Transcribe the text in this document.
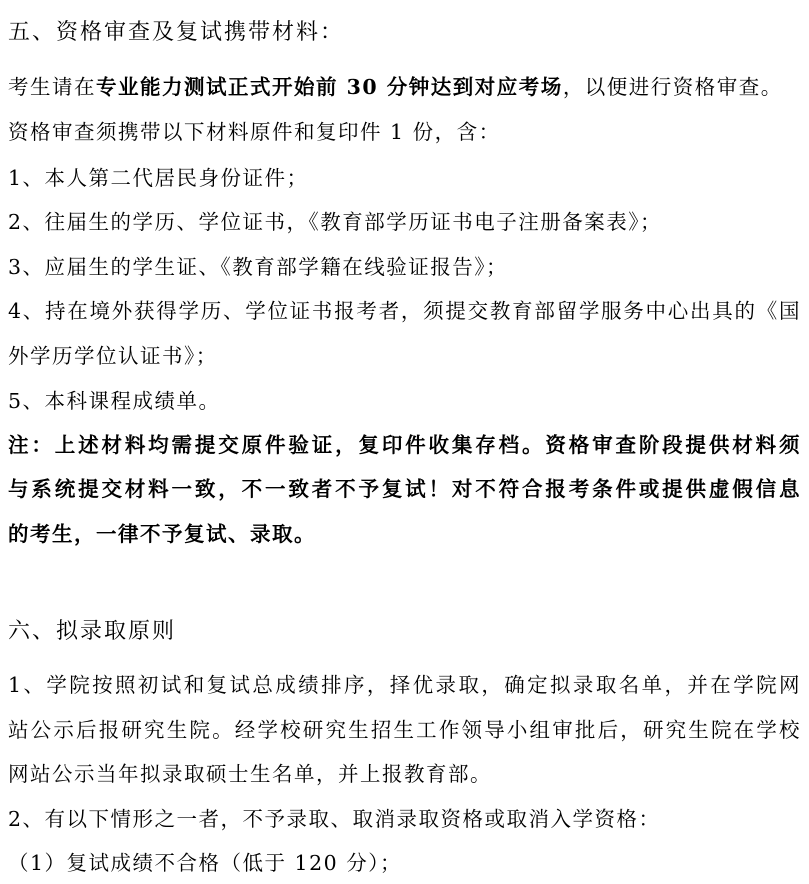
五、资格审查及复试携带材料：
考生请在专业能力测试正式开始前 30 分钟达到对应考场，以便进行资格审查。
资格审查须携带以下材料原件和复印件 1 份，含：
1、本人第二代居民身份证件；
2、往届生的学历、学位证书，《教育部学历证书电子注册备案表》；
3、应届生的学生证、《教育部学籍在线验证报告》；
4、持在境外获得学历、学位证书报考者，须提交教育部留学服务中心出具的《国
外学历学位认证书》；
5、本科课程成绩单。
注：上述材料均需提交原件验证，复印件收集存档。资格审查阶段提供材料须
与系统提交材料一致，不一致者不予复试！对不符合报考条件或提供虚假信息
的考生，一律不予复试、录取。
六、拟录取原则
1、学院按照初试和复试总成绩排序，择优录取，确定拟录取名单，并在学院网
站公示后报研究生院。经学校研究生招生工作领导小组审批后，研究生院在学校
网站公示当年拟录取硕士生名单，并上报教育部。
2、有以下情形之一者，不予录取、取消录取资格或取消入学资格：
（1）复试成绩不合格（低于 120 分）；
